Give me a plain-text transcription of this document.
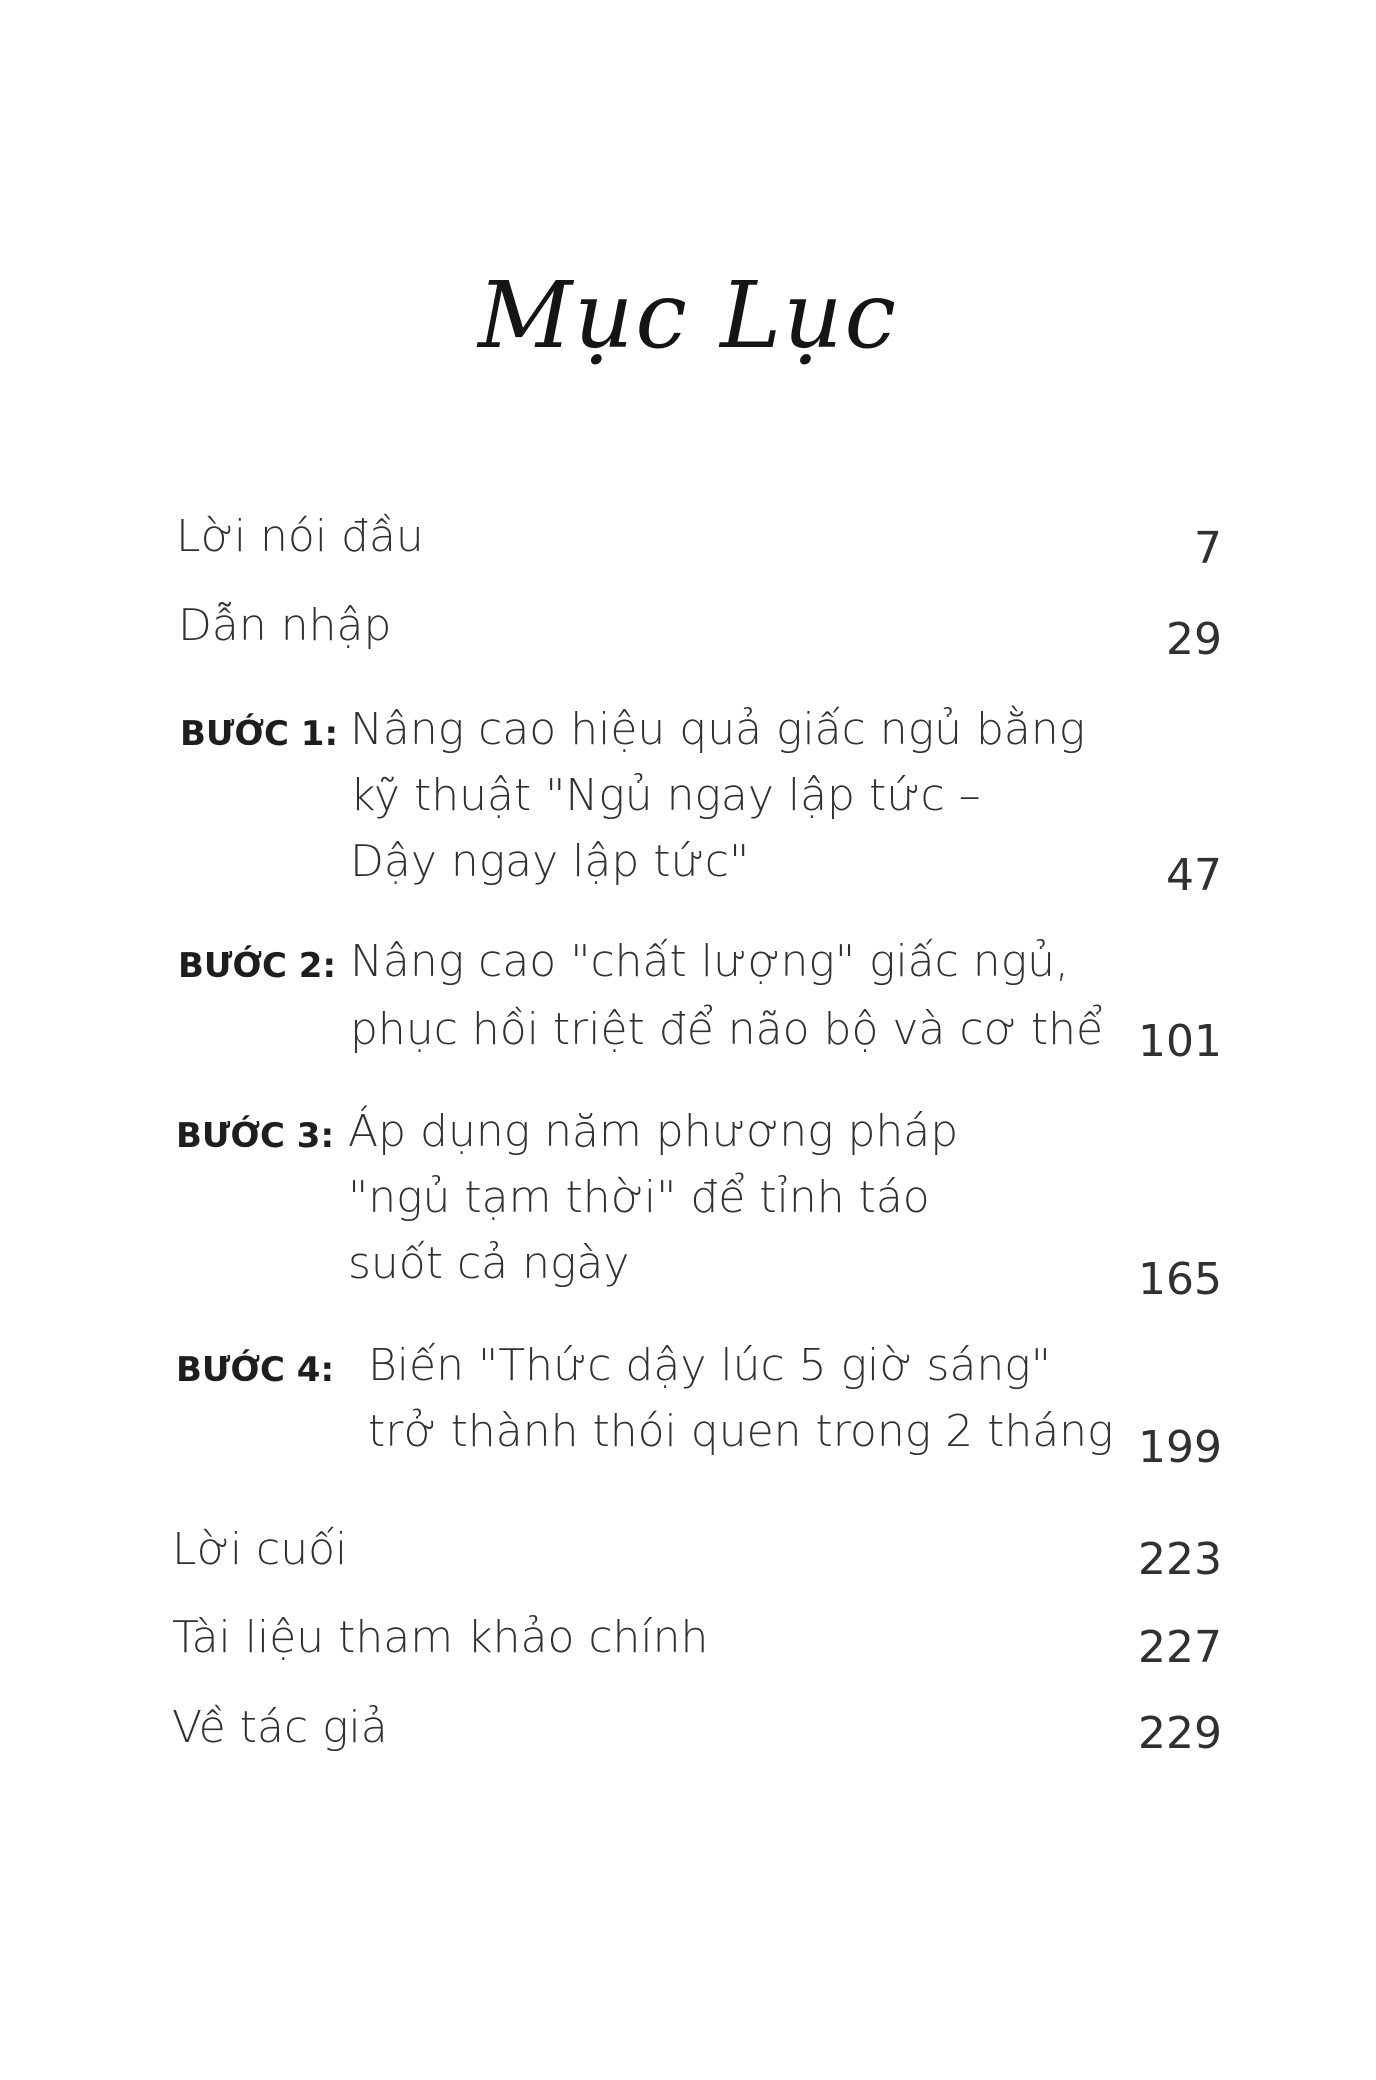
Mục Lục
Lời nói đầu	7
Dẫn nhập	29
BƯỚC 1: Nâng cao hiệu quả giấc ngủ bằng
kỹ thuật "Ngủ ngay lập tức –
Dậy ngay lập tức"	47
BƯỚC 2: Nâng cao "chất lượng" giấc ngủ,
phục hồi triệt để não bộ và cơ thể 101
BƯỚC 3: Áp dụng năm phương pháp
"ngủ tạm thời" để tỉnh táo
suốt cả ngày	165
BƯỚC 4: Biến "Thức dậy lúc 5 giờ sáng"
trở thành thói quen trong 2 tháng 199
Lời cuối	223
Tài liệu tham khảo chính	227
Về tác giả	229
